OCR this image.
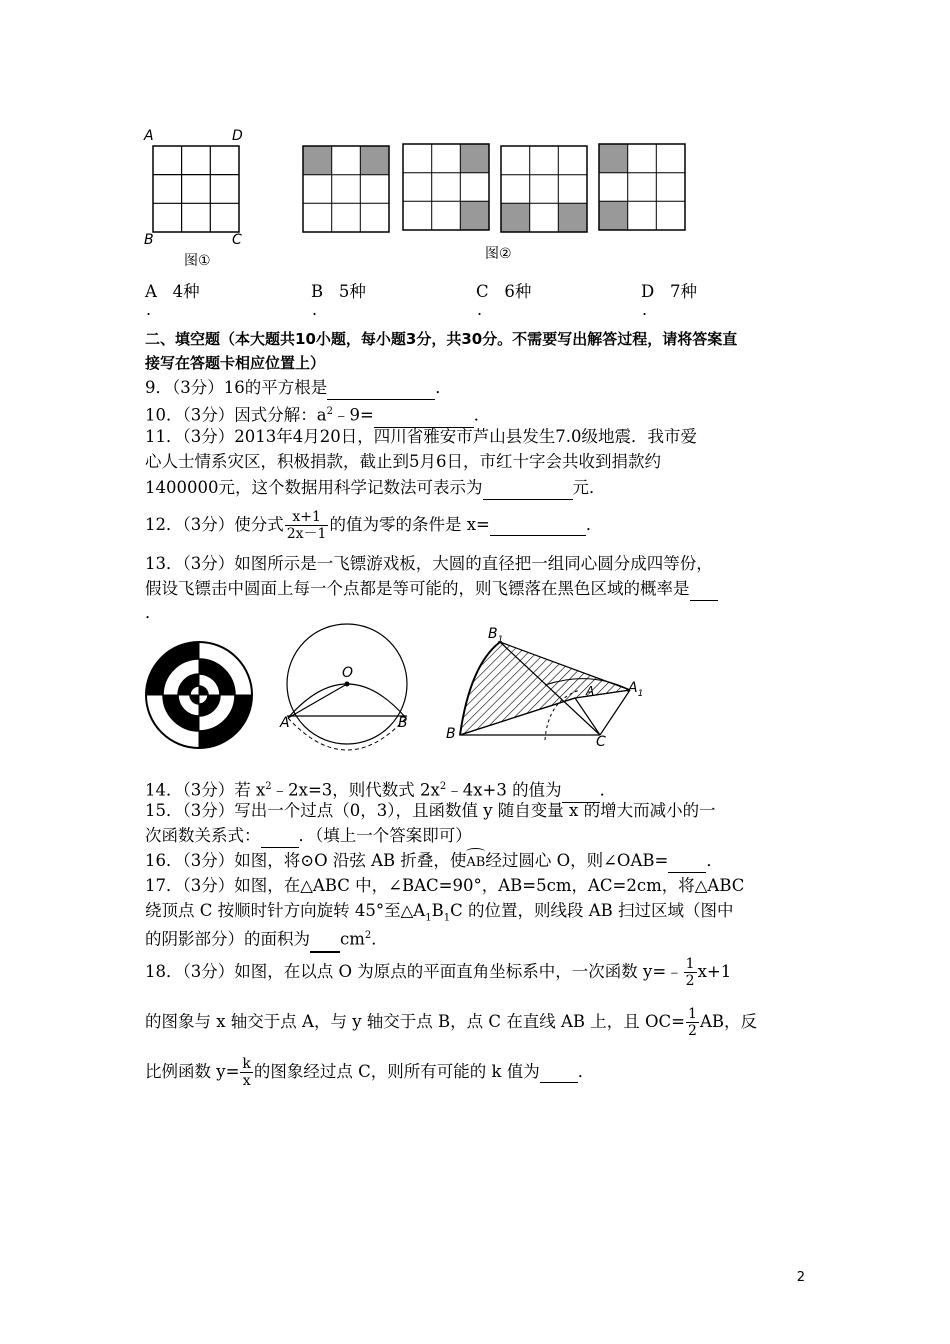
A	D
B	C
图①	图②
A 4种	B 5种	C 6种	D 7种
.	.	.	.
二、填空题（本大题共10小题，每小题3分，共30分。不需要写出解答过程，请将答案直
接写在答题卡相应位置上）
9．（3分）16的平方根是	．
10．（3分）因式分解：$a^2﹣9=$	．
11．（3分）2013年4月20日，四川省雅安市芦山县发生7.0级地震．我市爱
心人士情系灾区，积极捐款，截止到5月6日，市红十字会共收到捐款约
1400000元，这个数据用科学记数法可表示为	元．
12．（3分）使分式 $\frac{x+1}{2x-1}$ 的值为零的条件是 x=	．
13．（3分）如图所示是一飞镖游戏板，大圆的直径把一组同心圆分成四等份，
假设飞镖击中圆面上每一个点都是等可能的，则飞镖落在黑色区域的概率是
．
O
A	B
$B_1$
A $A_1$
B	C
14．（3分）若 $x^2﹣2x=3$，则代数式 $2x^2﹣4x+3$ 的值为 ．
15．（3分）写出一个过点（0，3），且函数值 y 随自变量 x 的增大而减小的一
次函数关系式： ．（填上一个答案即可）
16．（3分）如图，将⊙O 沿弦 AB 折叠，使
AB经过圆心 O，则∠OAB= ．
17．（3分）如图，在△ABC 中，∠BAC=90°，AB=5cm，AC=2cm，将△ABC
绕顶点 C 按顺时针方向旋转 45°至$\triangle A_1B_1C$ 的位置，则线段 AB 扫过区域（图中
的阴影部分）的面积为 $cm^2$．
18．（3分）如图，在以点 O 为原点的平面直角坐标系中，一次函数 y=﹣ $\frac{1}{2} x+1$
的图象与 x 轴交于点 A，与 y 轴交于点 B，点 C 在直线 AB 上，且 $OC= \frac{1}{2}$ AB，反
比例函数 $y= \frac{k}{x}$ 的图象经过点 C，则所有可能的 k 值为 ．
2
